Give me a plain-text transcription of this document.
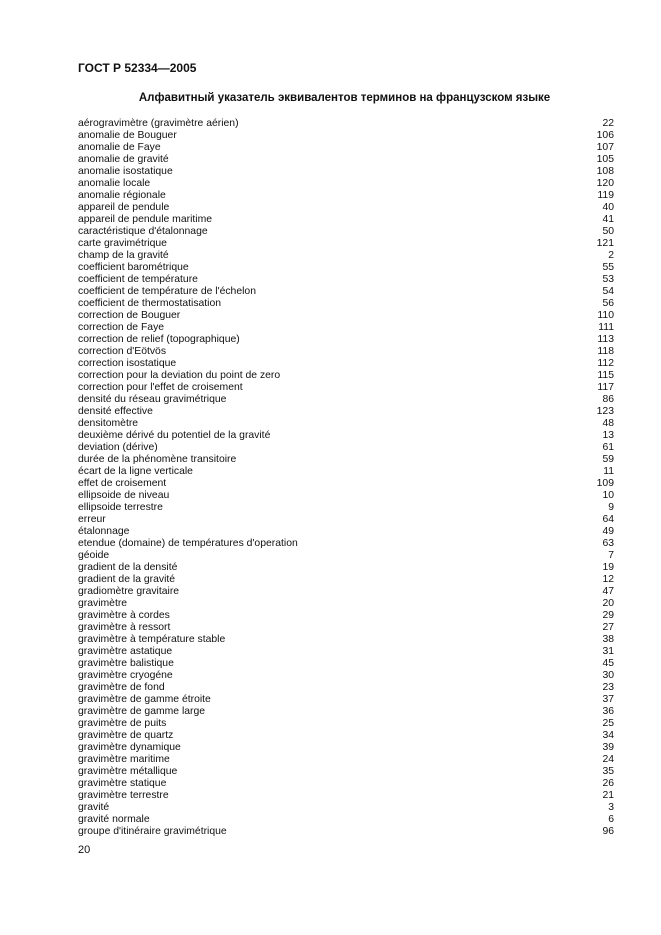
ГОСТ Р 52334—2005
Алфавитный указатель эквивалентов терминов на французском языке
aérogravimètre (gravimètre aérien)	22
anomalie de Bouguer	106
anomalie de Faye	107
anomalie de gravité	105
anomalie isostatique	108
anomalie locale	120
anomalie régionale	119
appareil de pendule	40
appareil de pendule maritime	41
caractéristique d'étalonnage	50
carte gravimétrique	121
champ de la gravité	2
coefficient barométrique	55
coefficient de température	53
coefficient de température de l'échelon	54
coefficient de thermostatisation	56
correction de Bouguer	110
correction de Faye	111
correction de relief (topographique)	113
correction d'Eötvös	118
correction isostatique	112
correction pour la deviation du point de zero	115
correction pour l'effet de croisement	117
densité du réseau gravimétrique	86
densité effective	123
densitomètre	48
deuxième dérivé du potentiel de la gravité	13
deviation (dérive)	61
durée de la phénomène transitoire	59
écart de la ligne verticale	11
effet de croisement	109
ellipsoide de niveau	10
ellipsoide terrestre	9
erreur	64
étalonnage	49
etendue (domaine) de températures d'operation	63
géoide	7
gradient de la densité	19
gradient de la gravité	12
gradiomètre gravitaire	47
gravimètre	20
gravimètre à cordes	29
gravimètre à ressort	27
gravimètre à température stable	38
gravimètre astatique	31
gravimètre balistique	45
gravimètre cryogéne	30
gravimètre de fond	23
gravimètre de gamme étroite	37
gravimètre de gamme large	36
gravimètre de puits	25
gravimètre de quartz	34
gravimètre dynamique	39
gravimètre maritime	24
gravimètre métallique	35
gravimètre statique	26
gravimètre terrestre	21
gravité	3
gravité normale	6
groupe d'itinéraire gravimétrique	96
20
